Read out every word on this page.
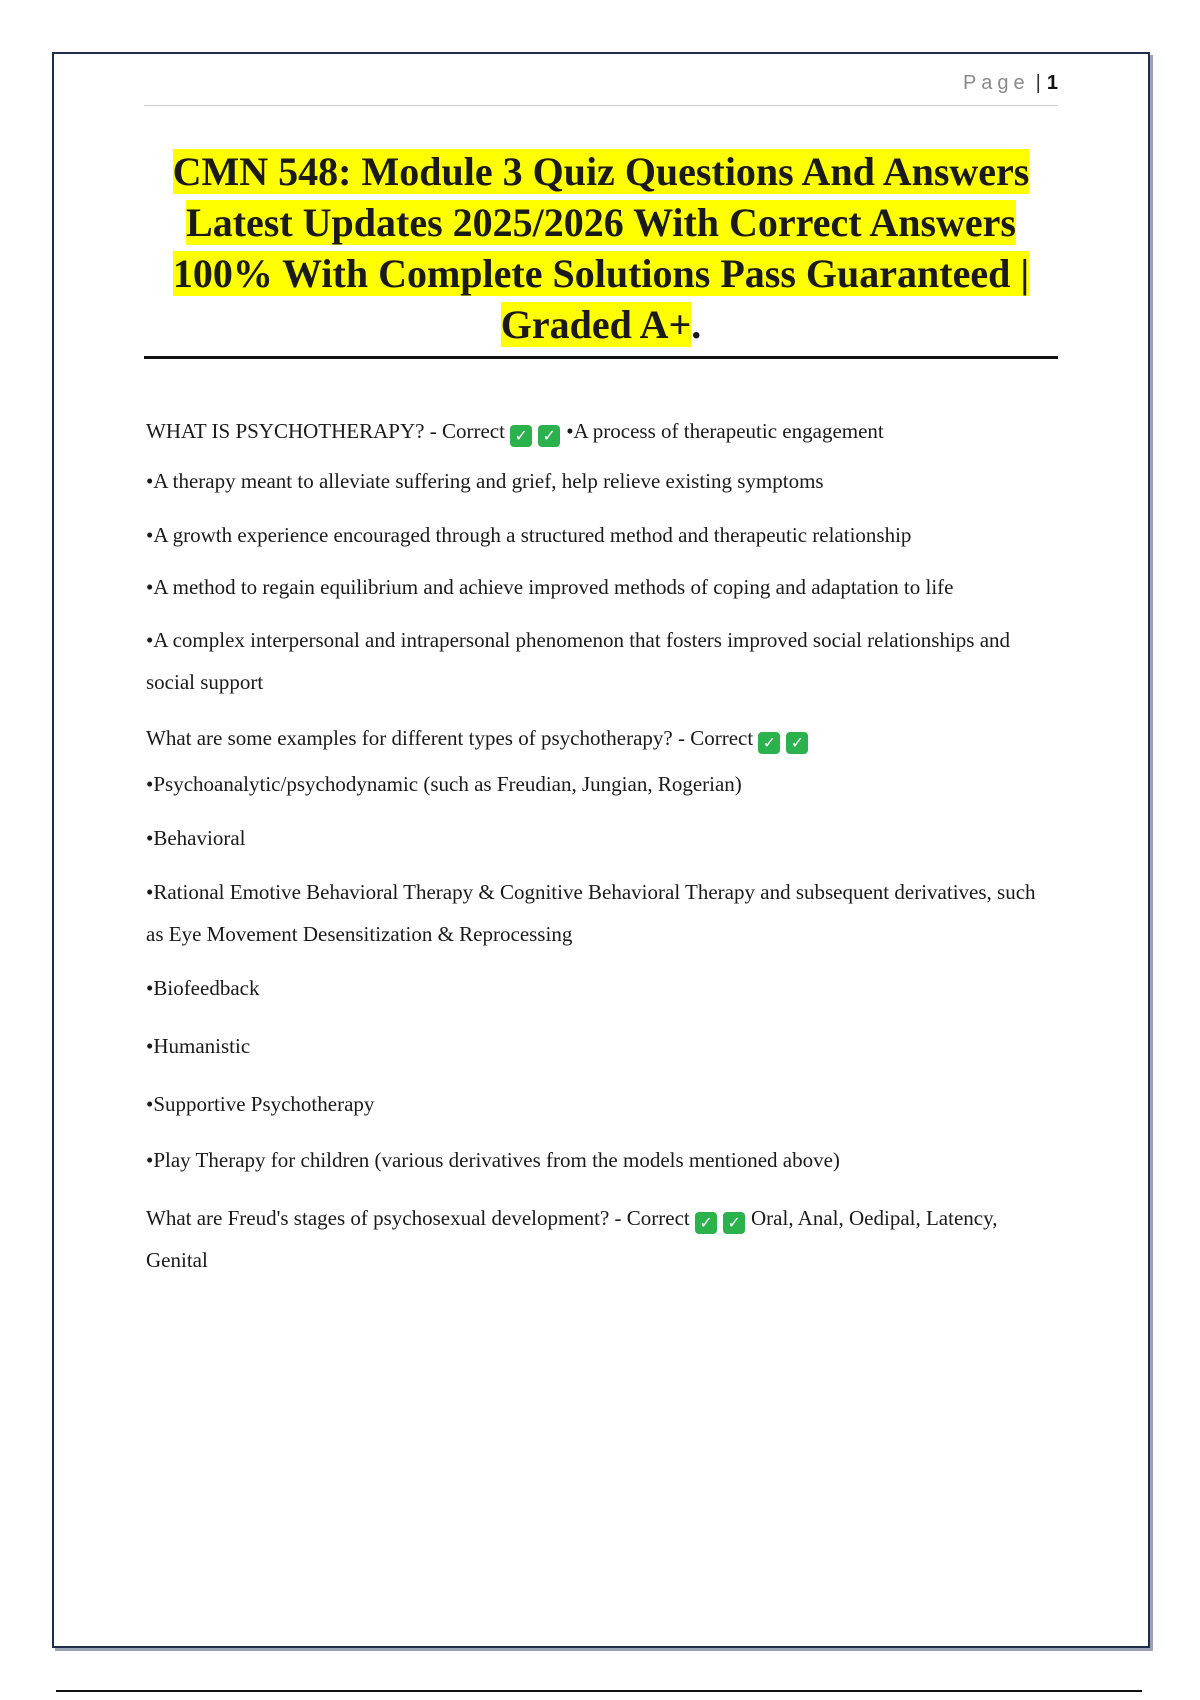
Page | 1
CMN 548: Module 3 Quiz Questions And Answers Latest Updates 2025/2026 With Correct Answers 100% With Complete Solutions Pass Guaranteed | Graded A+.

WHAT IS PSYCHOTHERAPY? - Correct ✓ ✓ •A process of therapeutic engagement

•A therapy meant to alleviate suffering and grief, help relieve existing symptoms

•A growth experience encouraged through a structured method and therapeutic relationship

•A method to regain equilibrium and achieve improved methods of coping and adaptation to life

•A complex interpersonal and intrapersonal phenomenon that fosters improved social relationships and social support

What are some examples for different types of psychotherapy? - Correct ✓ ✓

•Psychoanalytic/psychodynamic (such as Freudian, Jungian, Rogerian)

•Behavioral

•Rational Emotive Behavioral Therapy & Cognitive Behavioral Therapy and subsequent derivatives, such as Eye Movement Desensitization & Reprocessing

•Biofeedback

•Humanistic

•Supportive Psychotherapy

•Play Therapy for children (various derivatives from the models mentioned above)

What are Freud's stages of psychosexual development? - Correct ✓ ✓ Oral, Anal, Oedipal, Latency, Genital
